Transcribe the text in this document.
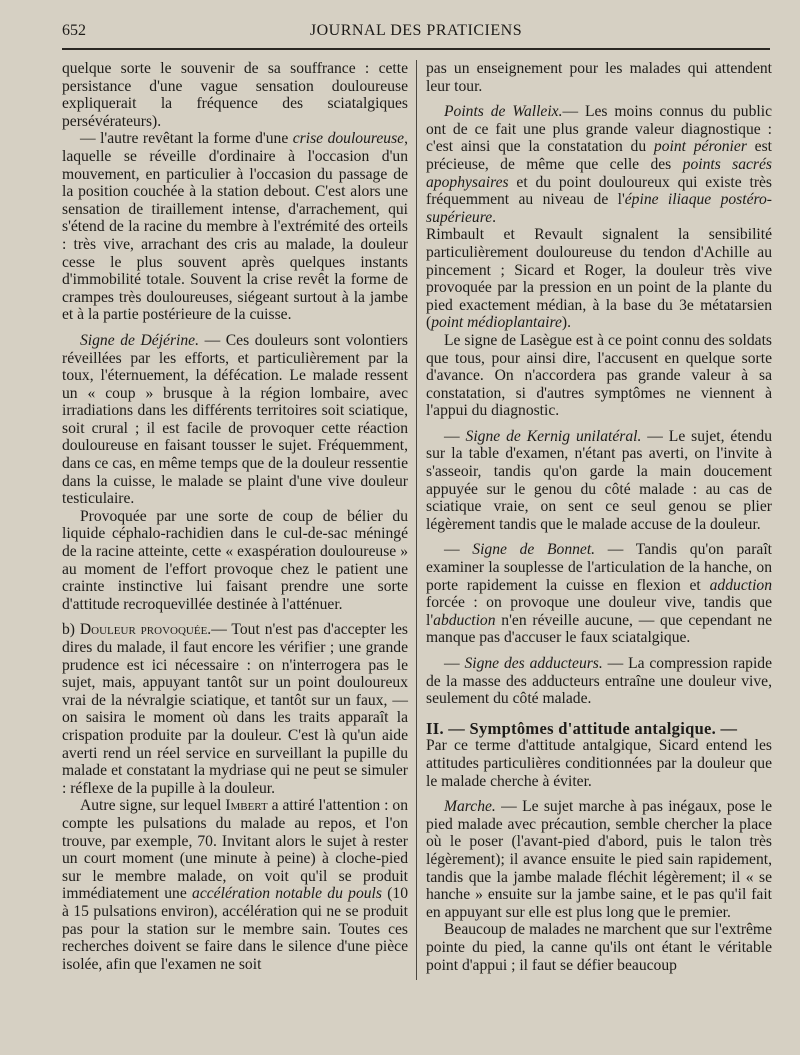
652	JOURNAL DES PRATICIENS

quelque sorte le souvenir de sa souffrance : cette persistance d'une vague sensation douloureuse expliquerait la fréquence des sciatalgiques persévérateurs).

— l'autre revêtant la forme d'une crise douloureuse, laquelle se réveille d'ordinaire à l'occasion d'un mouvement, en particulier à l'occasion du passage de la position couchée à la station debout. C'est alors une sensation de tiraillement intense, d'arrachement, qui s'étend de la racine du membre à l'extrémité des orteils : très vive, arrachant des cris au malade, la douleur cesse le plus souvent après quelques instants d'immobilité totale. Souvent la crise revêt la forme de crampes très douloureuses, siégeant surtout à la jambe et à la partie postérieure de la cuisse.

Signe de Déjérine. — Ces douleurs sont volontiers réveillées par les efforts, et particulièrement par la toux, l'éternuement, la défécation. Le malade ressent un « coup » brusque à la région lombaire, avec irradiations dans les différents territoires soit sciatique, soit crural ; il est facile de provoquer cette réaction douloureuse en faisant tousser le sujet. Fréquemment, dans ce cas, en même temps que de la douleur ressentie dans la cuisse, le malade se plaint d'une vive douleur testiculaire.

Provoquée par une sorte de coup de bélier du liquide céphalo-rachidien dans le cul-de-sac méningé de la racine atteinte, cette « exaspération douloureuse » au moment de l'effort provoque chez le patient une crainte instinctive lui faisant prendre une sorte d'attitude recroquevillée destinée à l'atténuer.

b) Douleur provoquée.— Tout n'est pas d'accepter les dires du malade, il faut encore les vérifier ; une grande prudence est ici nécessaire : on n'interrogera pas le sujet, mais, appuyant tantôt sur un point douloureux vrai de la névralgie sciatique, et tantôt sur un faux, — on saisira le moment où dans les traits apparaît la crispation produite par la douleur. C'est là qu'un aide averti rend un réel service en surveillant la pupille du malade et constatant la mydriase qui ne peut se simuler : réflexe de la pupille à la douleur.

Autre signe, sur lequel Imbert a attiré l'attention : on compte les pulsations du malade au repos, et l'on trouve, par exemple, 70. Invitant alors le sujet à rester un court moment (une minute à peine) à cloche-pied sur le membre malade, on voit qu'il se produit immédiatement une accélération notable du pouls (10 à 15 pulsations environ), accélération qui ne se produit pas pour la station sur le membre sain. Toutes ces recherches doivent se faire dans le silence d'une pièce isolée, afin que l'examen ne soit

pas un enseignement pour les malades qui attendent leur tour.

Points de Walleix.— Les moins connus du public ont de ce fait une plus grande valeur diagnostique : c'est ainsi que la constatation du point péronier est précieuse, de même que celle des points sacrés apophysaires et du point douloureux qui existe très fréquemment au niveau de l'épine iliaque postéro-supérieure.

Rimbault et Revault signalent la sensibilité particulièrement douloureuse du tendon d'Achille au pincement ; Sicard et Roger, la douleur très vive provoquée par la pression en un point de la plante du pied exactement médian, à la base du 3e métatarsien (point médioplantaire).

Le signe de Lasègue est à ce point connu des soldats que tous, pour ainsi dire, l'accusent en quelque sorte d'avance. On n'accordera pas grande valeur à sa constatation, si d'autres symptômes ne viennent à l'appui du diagnostic.

— Signe de Kernig unilatéral. — Le sujet, étendu sur la table d'examen, n'étant pas averti, on l'invite à s'asseoir, tandis qu'on garde la main doucement appuyée sur le genou du côté malade : au cas de sciatique vraie, on sent ce seul genou se plier légèrement tandis que le malade accuse de la douleur.

— Signe de Bonnet. — Tandis qu'on paraît examiner la souplesse de l'articulation de la hanche, on porte rapidement la cuisse en flexion et adduction forcée : on provoque une douleur vive, tandis que l'abduction n'en réveille aucune, — que cependant ne manque pas d'accuser le faux sciatalgique.

— Signe des adducteurs. — La compression rapide de la masse des adducteurs entraîne une douleur vive, seulement du côté malade.

II. — Symptômes d'attitude antalgique. —

Par ce terme d'attitude antalgique, Sicard entend les attitudes particulières conditionnées par la douleur que le malade cherche à éviter.

Marche. — Le sujet marche à pas inégaux, pose le pied malade avec précaution, semble chercher la place où le poser (l'avant-pied d'abord, puis le talon très légèrement); il avance ensuite le pied sain rapidement, tandis que la jambe malade fléchit légèrement; il « se hanche » ensuite sur la jambe saine, et le pas qu'il fait en appuyant sur elle est plus long que le premier.

Beaucoup de malades ne marchent que sur l'extrême pointe du pied, la canne qu'ils ont étant le véritable point d'appui ; il faut se défier beaucoup
